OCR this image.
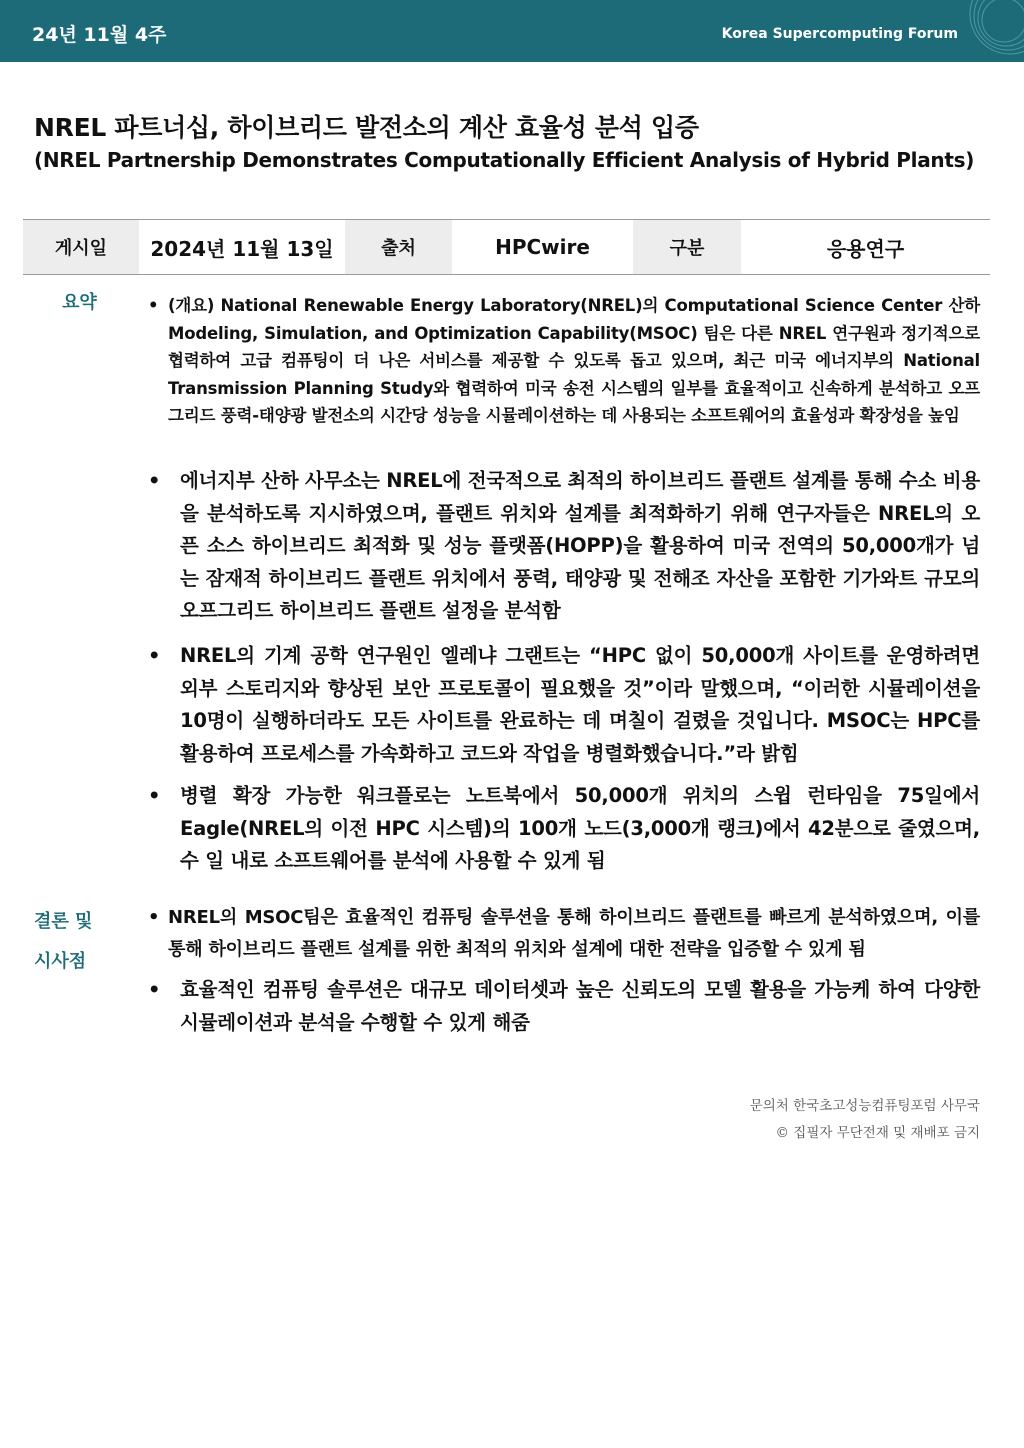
24년 11월 4주	Korea Supercomputing Forum
NREL 파트너십, 하이브리드 발전소의 계산 효율성 분석 입증
(NREL Partnership Demonstrates Computationally Efficient Analysis of Hybrid Plants)
게시일	2024년 11월 13일	출처	HPCwire	구분	응용연구
요약	• (개요) National Renewable Energy Laboratory(NREL)의 Computational Science Center 산하 Modeling, Simulation, and Optimization Capability(MSOC) 팀은 다른 NREL 연구원과 정기적으로 협력하여 고급 컴퓨팅이 더 나은 서비스를 제공할 수 있도록 돕고 있으며, 최근 미국 에너지부의 National Transmission Planning Study와 협력하여 미국 송전 시스템의 일부를 효율적이고 신속하게 분석하고 오프그리드 풍력-태양광 발전소의 시간당 성능을 시뮬레이션하는 데 사용되는 소프트웨어의 효율성과 확장성을 높임
•	에너지부 산하 사무소는 NREL에 전국적으로 최적의 하이브리드 플랜트 설계를 통해 수소 비용을 분석하도록 지시하였으며, 플랜트 위치와 설계를 최적화하기 위해 연구자들은 NREL의 오픈 소스 하이브리드 최적화 및 성능 플랫폼(HOPP)을 활용하여 미국 전역의 50,000개가 넘는 잠재적 하이브리드 플랜트 위치에서 풍력, 태양광 및 전해조 자산을 포함한 기가와트 규모의 오프그리드 하이브리드 플랜트 설정을 분석함
•	NREL의 기계 공학 연구원인 엘레냐 그랜트는 “HPC 없이 50,000개 사이트를 운영하려면 외부 스토리지와 향상된 보안 프로토콜이 필요했을 것”이라 말했으며, “이러한 시뮬레이션을 10명이 실행하더라도 모든 사이트를 완료하는 데 며칠이 걸렸을 것입니다. MSOC는 HPC를 활용하여 프로세스를 가속화하고 코드와 작업을 병렬화했습니다.”라 밝힘
•	병렬 확장 가능한 워크플로는 노트북에서 50,000개 위치의 스윕 런타임을 75일에서 Eagle(NREL의 이전 HPC 시스템)의 100개 노드(3,000개 랭크)에서 42분으로 줄였으며, 수 일 내로 소프트웨어를 분석에 사용할 수 있게 됨
결론 및
시사점
• NREL의 MSOC팀은 효율적인 컴퓨팅 솔루션을 통해 하이브리드 플랜트를 빠르게 분석하였으며, 이를 통해 하이브리드 플랜트 설계를 위한 최적의 위치와 설계에 대한 전략을 입증할 수 있게 됨
•	효율적인 컴퓨팅 솔루션은 대규모 데이터셋과 높은 신뢰도의 모델 활용을 가능케 하여 다양한 시뮬레이션과 분석을 수행할 수 있게 해줌
문의처 한국초고성능컴퓨팅포럼 사무국
© 집필자 무단전재 및 재배포 금지
